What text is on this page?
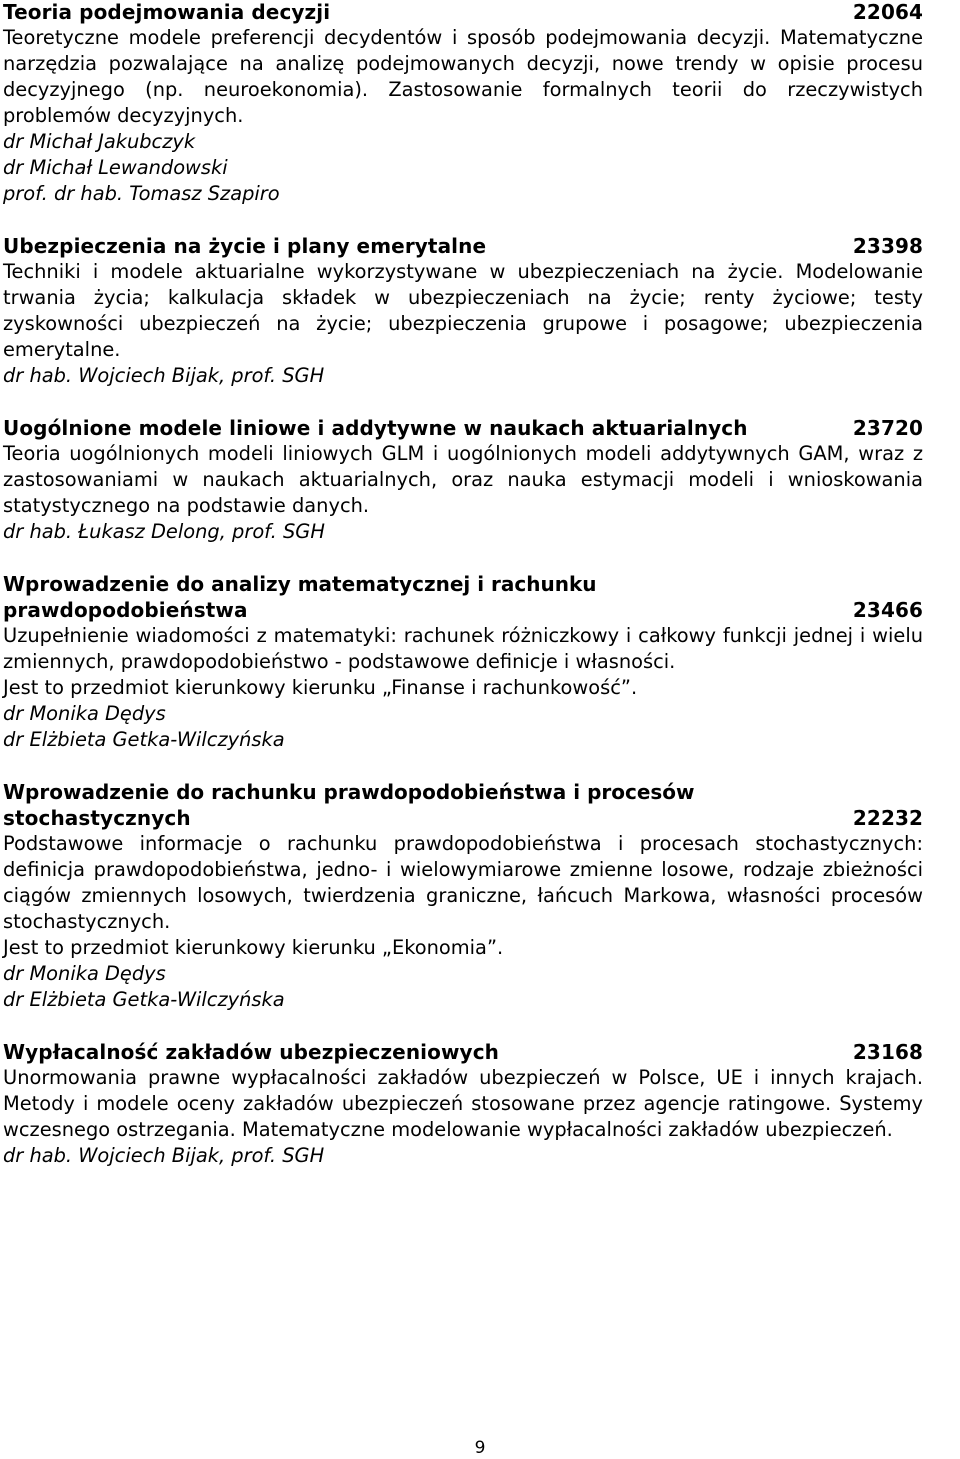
Teoria podejmowania decyzji	22064

Teoretyczne modele preferencji decydentów i sposób podejmowania decyzji. Matematyczne narzędzia pozwalające na analizę podejmowanych decyzji, nowe trendy w opisie procesu decyzyjnego (np. neuroekonomia). Zastosowanie formalnych teorii do rzeczywistych problemów decyzyjnych.

dr Michał Jakubczyk

dr Michał Lewandowski

prof. dr hab. Tomasz Szapiro

Ubezpieczenia na życie i plany emerytalne	23398

Techniki i modele aktuarialne wykorzystywane w ubezpieczeniach na życie. Modelowanie trwania życia; kalkulacja składek w ubezpieczeniach na życie; renty życiowe; testy zyskowności ubezpieczeń na życie; ubezpieczenia grupowe i posagowe; ubezpieczenia emerytalne.

dr hab. Wojciech Bijak, prof. SGH

Uogólnione modele liniowe i addytywne w naukach aktuarialnych	23720

Teoria uogólnionych modeli liniowych GLM i uogólnionych modeli addytywnych GAM, wraz z zastosowaniami w naukach aktuarialnych, oraz nauka estymacji modeli i wnioskowania statystycznego na podstawie danych.

dr hab. Łukasz Delong, prof. SGH

Wprowadzenie do analizy matematycznej i rachunku
prawdopodobieństwa	23466

Uzupełnienie wiadomości z matematyki: rachunek różniczkowy i całkowy funkcji jednej i wielu zmiennych, prawdopodobieństwo - podstawowe definicje i własności.

Jest to przedmiot kierunkowy kierunku „Finanse i rachunkowość”.

dr Monika Dędys

dr Elżbieta Getka-Wilczyńska

Wprowadzenie do rachunku prawdopodobieństwa i procesów
stochastycznych	22232

Podstawowe informacje o rachunku prawdopodobieństwa i procesach stochastycznych: definicja prawdopodobieństwa, jedno- i wielowymiarowe zmienne losowe, rodzaje zbieżności ciągów zmiennych losowych, twierdzenia graniczne, łańcuch Markowa, własności procesów stochastycznych.

Jest to przedmiot kierunkowy kierunku „Ekonomia”.

dr Monika Dędys

dr Elżbieta Getka-Wilczyńska

Wypłacalność zakładów ubezpieczeniowych	23168

Unormowania prawne wypłacalności zakładów ubezpieczeń w Polsce, UE i innych krajach. Metody i modele oceny zakładów ubezpieczeń stosowane przez agencje ratingowe. Systemy wczesnego ostrzegania. Matematyczne modelowanie wypłacalności zakładów ubezpieczeń.

dr hab. Wojciech Bijak, prof. SGH

9
